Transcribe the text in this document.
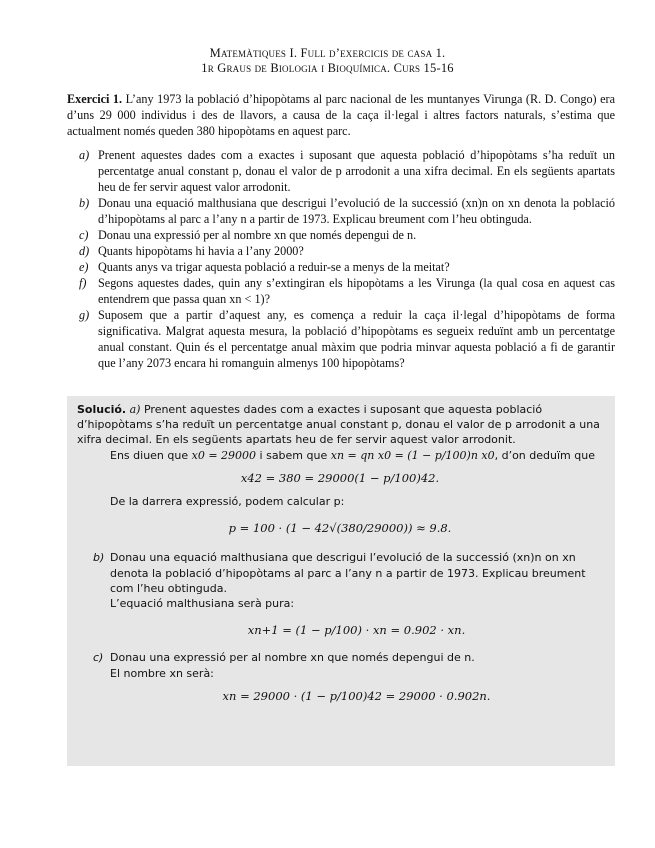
Matemàtiques I. Full d’exercicis de casa 1.
1r Graus de Biologia i Bioquímica. Curs 15-16
Exercici 1. L’any 1973 la població d’hipopòtams al parc nacional de les muntanyes Virunga (R. D. Congo) era d’uns 29 000 individus i des de llavors, a causa de la caça il·legal i altres factors naturals, s’estima que actualment només queden 380 hipopòtams en aquest parc.
a) Prenent aquestes dades com a exactes i suposant que aquesta població d’hipopòtams s’ha reduït un percentatge anual constant p, donau el valor de p arrodonit a una xifra decimal. En els següents apartats heu de fer servir aquest valor arrodonit.
b) Donau una equació malthusiana que descrigui l’evolució de la successió (xn)n on xn denota la població d’hipopòtams al parc a l’any n a partir de 1973. Explicau breument com l’heu obtinguda.
c) Donau una expressió per al nombre xn que només depengui de n.
d) Quants hipopòtams hi havia a l’any 2000?
e) Quants anys va trigar aquesta població a reduir-se a menys de la meitat?
f) Segons aquestes dades, quin any s’extingiran els hipopòtams a les Virunga (la qual cosa en aquest cas entendrem que passa quan xn < 1)?
g) Suposem que a partir d’aquest any, es comença a reduir la caça il·legal d’hipopòtams de forma significativa. Malgrat aquesta mesura, la població d’hipopòtams es segueix reduïnt amb un percentatge anual constant. Quin és el percentatge anual màxim que podria minvar aquesta població a fi de garantir que l’any 2073 encara hi romanguin almenys 100 hipopòtams?
Solució. a) Prenent aquestes dades com a exactes i suposant que aquesta població d’hipopòtams s’ha reduït un percentatge anual constant p, donau el valor de p arrodonit a una xifra decimal. En els següents apartats heu de fer servir aquest valor arrodonit.
Ens diuen que x0 = 29000 i sabem que xn = qn x0 = (1 − p/100)n x0, d’on deduïm que
x42 = 380 = 29000(1 − p/100)42.
De la darrera expressió, podem calcular p:
p = 100 · (1 − 42√(380/29000)) ≈ 9.8.
b) Donau una equació malthusiana que descrigui l’evolució de la successió (xn)n on xn denota la població d’hipopòtams al parc a l’any n a partir de 1973. Explicau breument com l’heu obtinguda.
L’equació malthusiana serà pura:
xn+1 = (1 − p/100) · xn = 0.902 · xn.
c) Donau una expressió per al nombre xn que només depengui de n.
El nombre xn serà:
xn = 29000 · (1 − p/100)42 = 29000 · 0.902n.
